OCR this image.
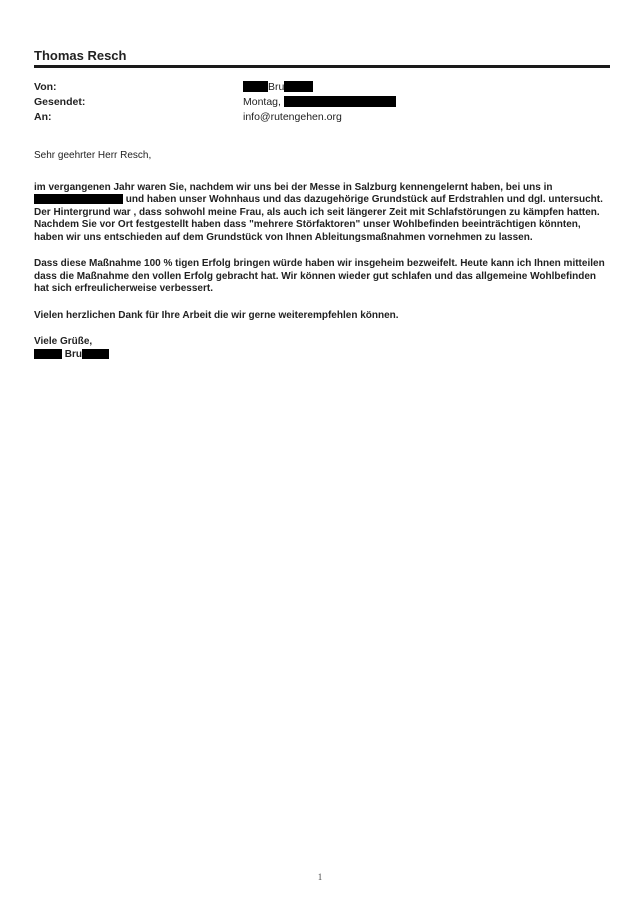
Thomas Resch
Von:	Bru
Gesendet:	Montag,
An:	info@rutengehen.org

Sehr geehrter Herr Resch,

im vergangenen Jahr waren Sie, nachdem wir uns bei der Messe in Salzburg kennengelernt haben, bei uns in
und haben unser Wohnhaus und das dazugehörige Grundstück auf Erdstrahlen und dgl. untersucht. Der Hintergrund war , dass sohwohl meine Frau, als auch ich seit längerer Zeit mit Schlafstörungen zu kämpfen hatten.
Nachdem Sie vor Ort festgestellt haben dass "mehrere Störfaktoren" unser Wohlbefinden beeinträchtigen könnten, haben wir uns entschieden auf dem Grundstück von Ihnen Ableitungsmaßnahmen vornehmen zu lassen.

Dass diese Maßnahme 100 % tigen Erfolg bringen würde haben wir insgeheim bezweifelt. Heute kann ich Ihnen mitteilen dass die Maßnahme den vollen Erfolg gebracht hat. Wir können wieder gut schlafen und das allgemeine Wohlbefinden hat sich erfreulicherweise verbessert.

Vielen herzlichen Dank für Ihre Arbeit die wir gerne weiterempfehlen können.

Viele Grüße,
Bru

1
